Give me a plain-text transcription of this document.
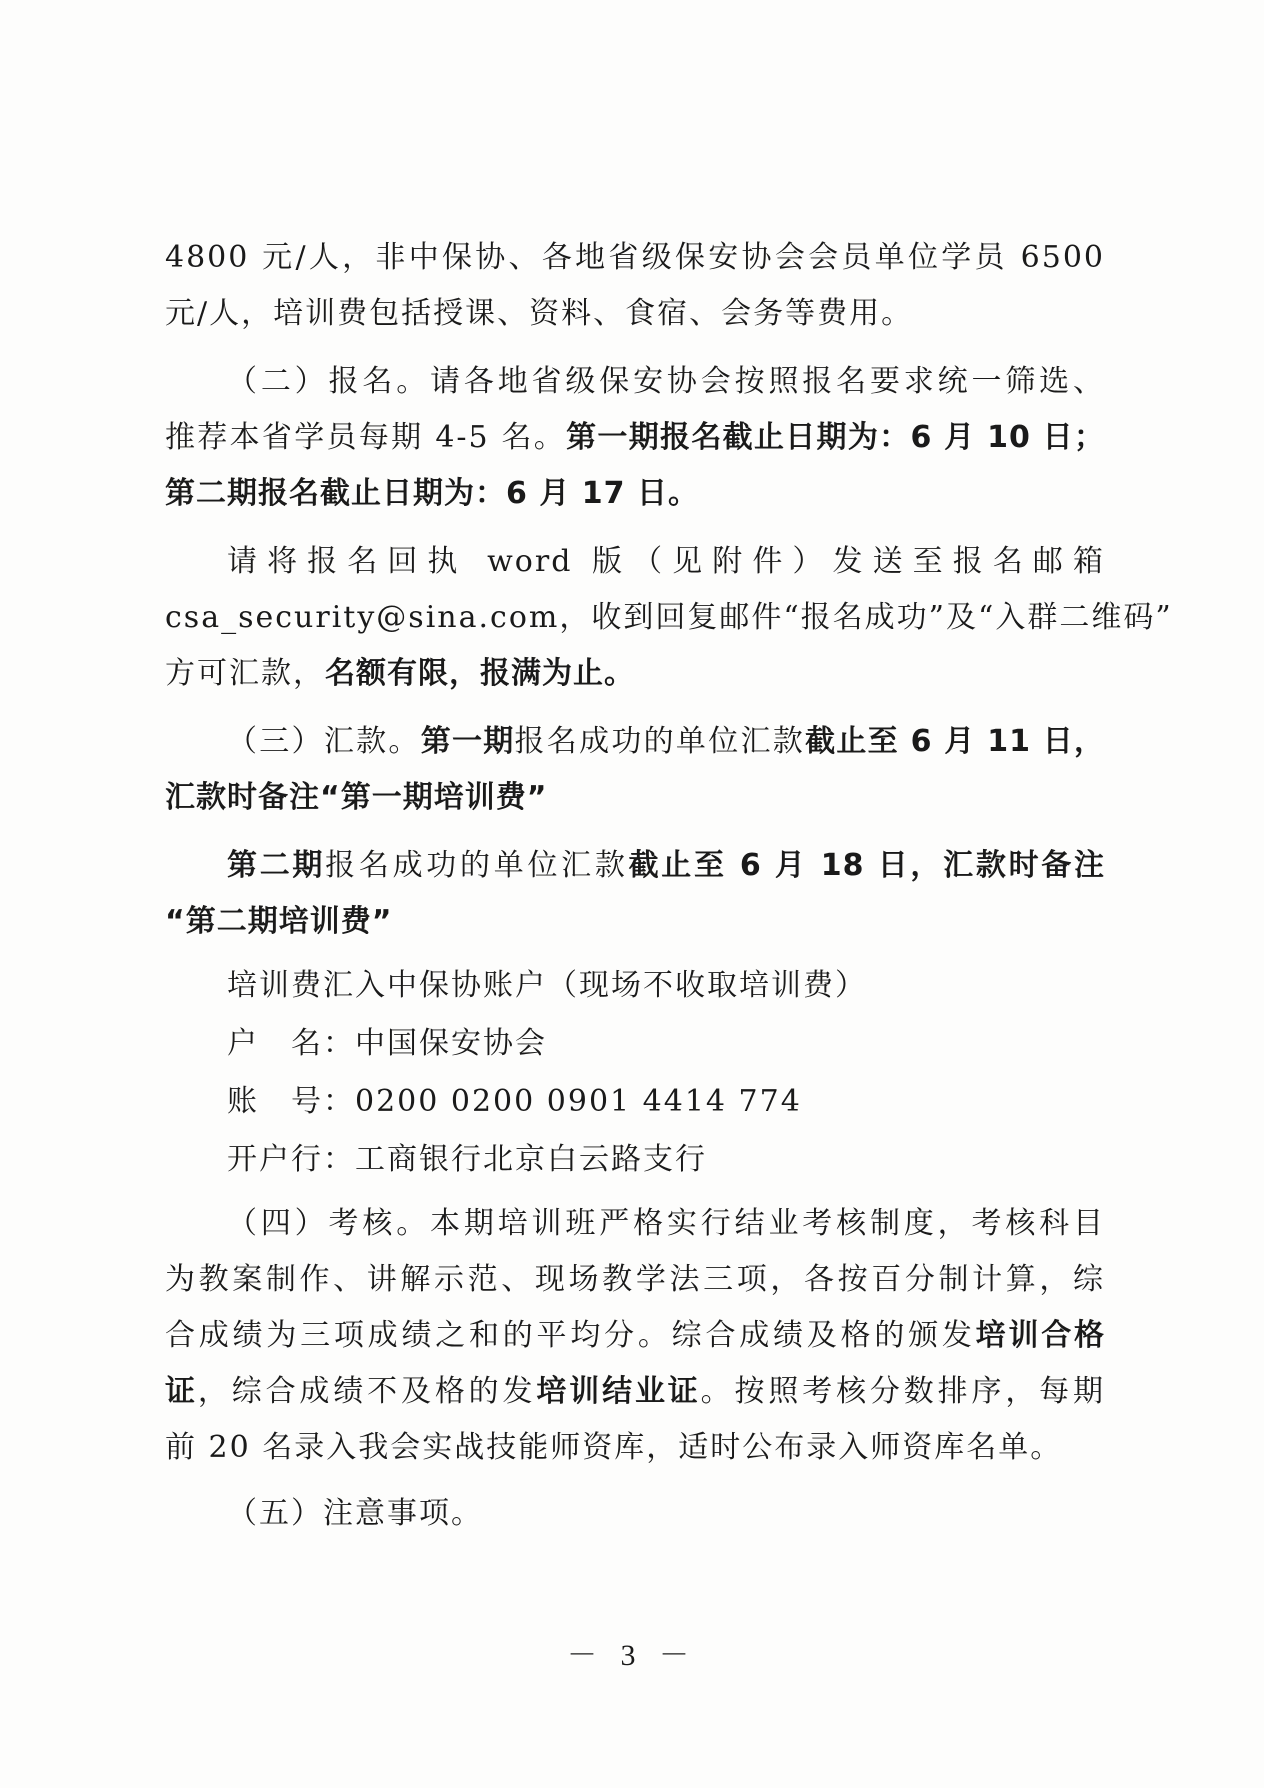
4800 元/人，非中保协、各地省级保安协会会员单位学员 6500
元/人，培训费包括授课、资料、食宿、会务等费用。
（二）报名。请各地省级保安协会按照报名要求统一筛选、
推荐本省学员每期 4-5 名。第一期报名截止日期为：6 月 10 日；
第二期报名截止日期为：6 月 17 日。
请将报名回执 word 版（见附件）发送至报名邮箱
csa_security@sina.com，收到回复邮件“报名成功”及“入群二维码”
方可汇款，名额有限，报满为止。
（三）汇款。第一期报名成功的单位汇款截止至 6 月 11 日，
汇款时备注“第一期培训费”
第二期报名成功的单位汇款截止至 6 月 18 日，汇款时备注
“第二期培训费”
培训费汇入中保协账户（现场不收取培训费）
户　名：中国保安协会
账　号：0200 0200 0901 4414 774
开户行：工商银行北京白云路支行
（四）考核。本期培训班严格实行结业考核制度，考核科目
为教案制作、讲解示范、现场教学法三项，各按百分制计算，综
合成绩为三项成绩之和的平均分。综合成绩及格的颁发培训合格
证，综合成绩不及格的发培训结业证。按照考核分数排序，每期
前 20 名录入我会实战技能师资库，适时公布录入师资库名单。
（五）注意事项。
－ 3 －
